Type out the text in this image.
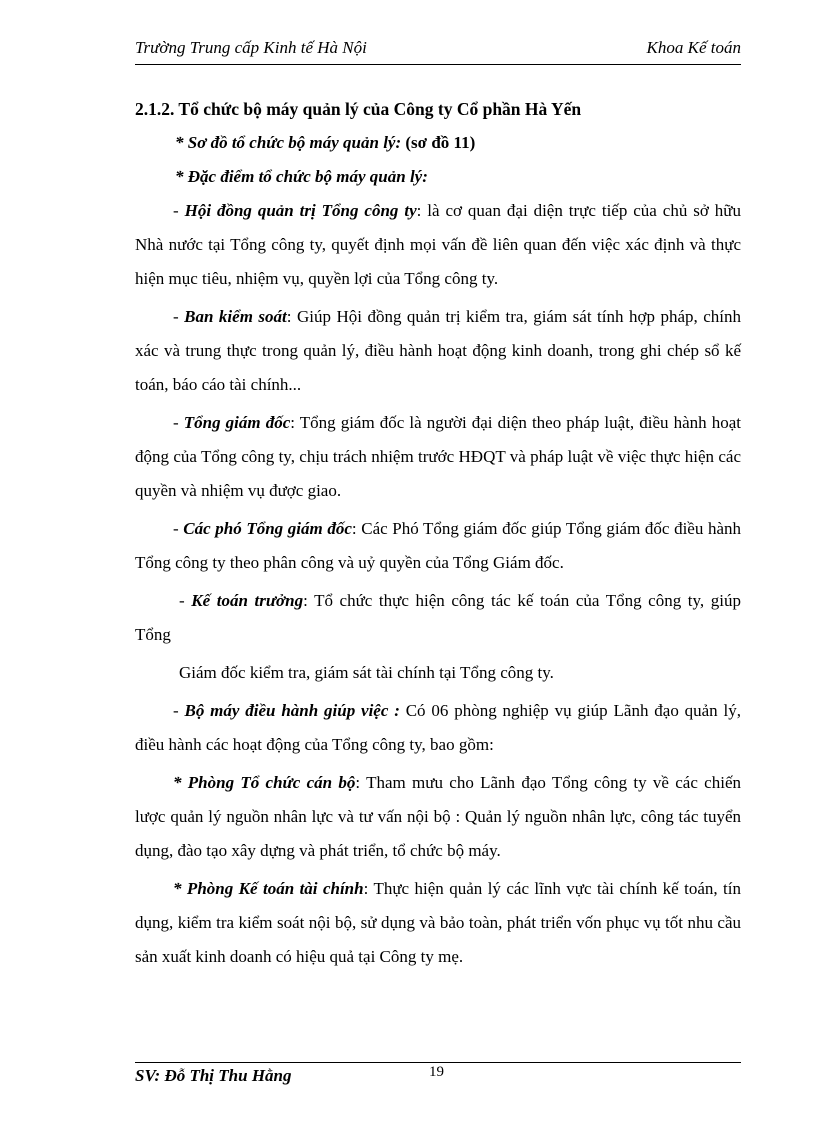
Trường Trung cấp Kinh tế Hà Nội	Khoa Kế toán

2.1.2. Tổ chức bộ máy quản lý của Công ty Cổ phần Hà Yến

* Sơ đồ tổ chức bộ máy quản lý: (sơ đồ 11)

* Đặc điểm tổ chức bộ máy quản lý:

- Hội đồng quản trị Tổng công ty: là cơ quan đại diện trực tiếp của chủ sở hữu Nhà nước tại Tổng công ty, quyết định mọi vấn đề liên quan đến việc xác định và thực hiện mục tiêu, nhiệm vụ, quyền lợi của Tổng công ty.

- Ban kiểm soát: Giúp Hội đồng quản trị kiểm tra, giám sát tính hợp pháp, chính xác và trung thực trong quản lý, điều hành hoạt động kinh doanh, trong ghi chép sổ kế toán, báo cáo tài chính...

- Tổng giám đốc: Tổng giám đốc là người đại diện theo pháp luật, điều hành hoạt động của Tổng công ty, chịu trách nhiệm trước HĐQT và pháp luật về việc thực hiện các quyền và nhiệm vụ được giao.

- Các phó Tổng giám đốc: Các Phó Tổng giám đốc giúp Tổng giám đốc điều hành Tổng công ty theo phân công và uỷ quyền của Tổng Giám đốc.

- Kế toán trưởng: Tổ chức thực hiện công tác kế toán của Tổng công ty, giúp Tổng

Giám đốc kiểm tra, giám sát tài chính tại Tổng công ty.

- Bộ máy điều hành giúp việc : Có 06 phòng nghiệp vụ giúp Lãnh đạo quản lý, điều hành các hoạt động của Tổng công ty, bao gồm:

* Phòng Tổ chức cán bộ: Tham mưu cho Lãnh đạo Tổng công ty về các chiến lược quản lý nguồn nhân lực và tư vấn nội bộ : Quản lý nguồn nhân lực, công tác tuyển dụng, đào tạo xây dựng và phát triển, tổ chức bộ máy.

* Phòng Kế toán tài chính: Thực hiện quản lý các lĩnh vực tài chính kế toán, tín dụng, kiểm tra kiểm soát nội bộ, sử dụng và bảo toàn, phát triển vốn phục vụ tốt nhu cầu sản xuất kinh doanh có hiệu quả tại Công ty mẹ.

SV: Đỗ Thị Thu Hằng	19
